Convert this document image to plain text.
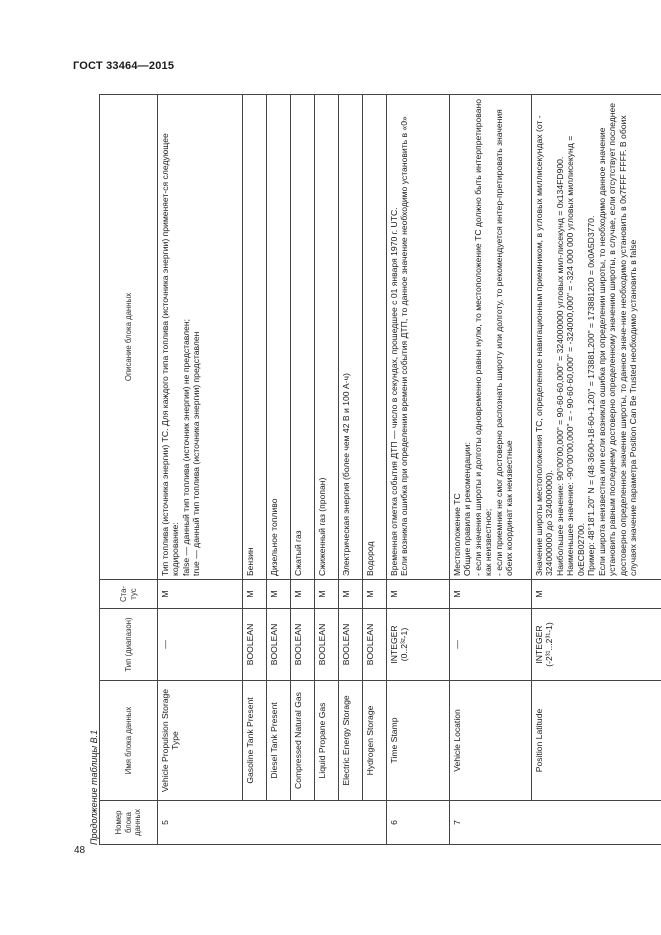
ГОСТ 33464—2015
48
Продолжение таблицы В.1 Номер блока данных	Имя блока данных	Тип (диапазон)	Ста-тус	Описание блока данных
5	Vehicle Propulsion Storage Type	—	M	Тип топлива (источника энергии) ТС. Для каждого типа топлива (источника энергии) применяет-ся следующее кодирование: false — данный тип топлива (источник энергии) не представлен; true — данный тип топлива (источника энергии) представлен

	Gasoline Tank Present	BOOLEAN	M	Бензин
	Diesel Tank Present	BOOLEAN	M	Дизельное топливо
	Compressed Natural Gas	BOOLEAN	M	Сжатый газ
	Liquid Propane Gas	BOOLEAN	M	Сжиженный газ (пропан)
	Electric Energy Storage	BOOLEAN	M	Электрическая энергия (более чем 42 В и 100 А·ч)
	Hydrogen Storage	BOOLEAN	M	Водород
6	Time Stamp	INTEGER (0..2³²-1)	M	Временная отметка события ДТП — число в секундах, прошедшее с 01 января 1970 г. UTC. Если возникла ошибка при определении времени события ДТП, то данное значение необходимо установить в «0»

7	Vehicle Location	—	M	Местоположение ТС Общие правила и рекомендации: - если значения широты и долготы одновременно равны нулю, то местоположение ТС должно быть интерпретировано как неизвестное; - если приемник не смог достоверно распознать широту или долготу, то рекомендуется интер-претировать значения обеих координат как неизвестные

	Position Latitude	INTEGER (-2³¹...2³¹-1)	M	Значение широты местоположения ТС, определенное навигационным приемником, в угловых миллисекундах (от - 324000000 до 324000000). Наибольшее значение: 90°00'00,000" = 90·60·60,000" = 324000000 угловых мил-лисекунд = 0x134FD900. Наименьшее значение: -90°00'00,000" = - 90·60·60,000" = -324000,000" = -324 000 000 угловых миллисекунд = 0xECB02700. Пример: 48°18'1.20" N = (48·3600+18·60+1,20)" = 173881,200" = 173881200 = 0x0A5D3770. Если широта неизвестна или если возникла ошибка при определении широты, то необходимо данное значение установить равным последнему достоверно определенному значению широты, в случае, если отсутствует последнее достоверно определенное значение широты, то данное значе-ние необходимо установить в 0x7FFF FFFF. В обоих случаях значение параметра Position Can Be Trusted необходимо установить в false
